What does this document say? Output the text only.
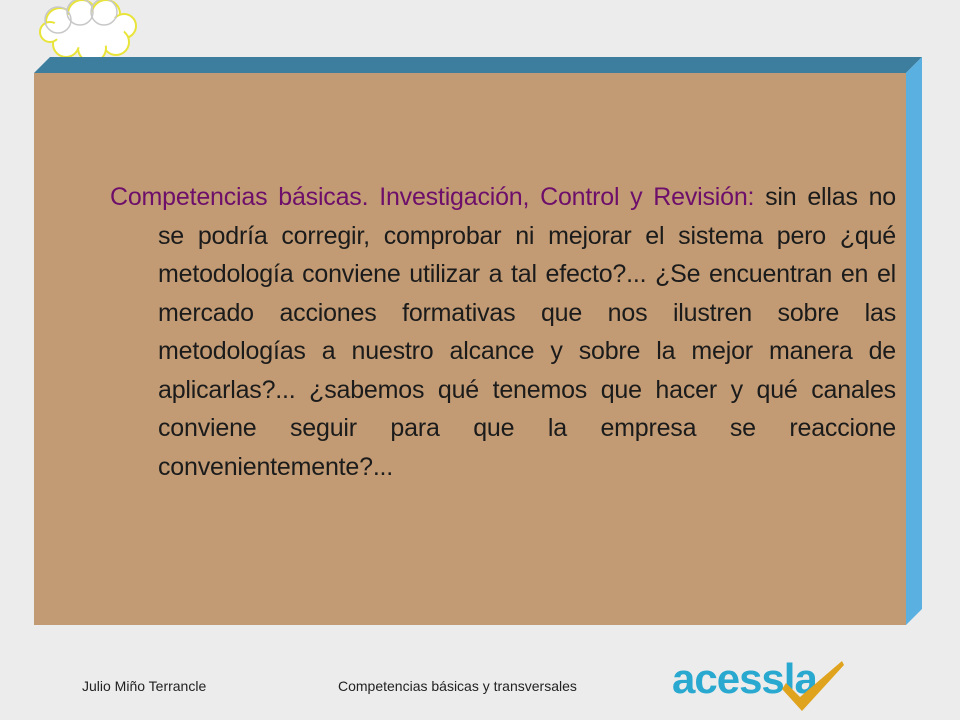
Competencias básicas. Investigación, Control y Revisión: sin ellas no se podría corregir, comprobar ni mejorar el sistema pero ¿qué metodología conviene utilizar a tal efecto?... ¿Se encuentran en el mercado acciones formativas que nos ilustren sobre las metodologías a nuestro alcance y sobre la mejor manera de aplicarlas?... ¿sabemos qué tenemos que hacer y qué canales conviene seguir para que la empresa se reaccione convenientemente?...
Julio Miño Terrancle	Competencias básicas y transversales acessla
